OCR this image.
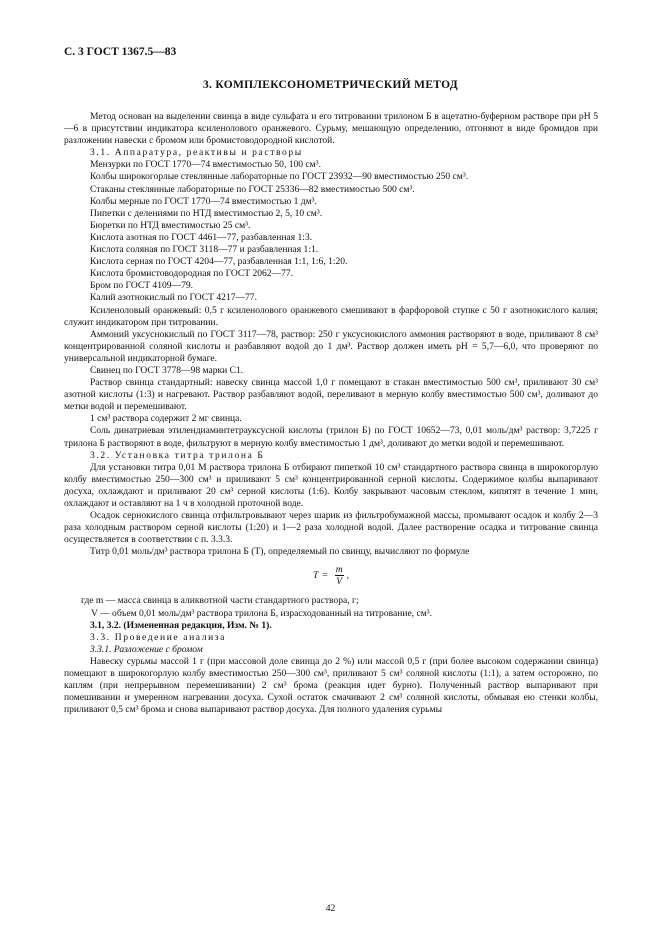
С. 3 ГОСТ 1367.5—83
3. КОМПЛЕКСОНОМЕТРИЧЕСКИЙ МЕТОД

Метод основан на выделении свинца в виде сульфата и его титровании трилоном Б в ацетатно-буферном растворе при pH 5—6 в присутствии индикатора ксиленолового оранжевого. Сурьму, мешающую определению, отгоняют в виде бромидов при разложении навески с бромом или бромистоводородной кислотой.

3.1. Аппаратура, реактивы и растворы

Мензурки по ГОСТ 1770—74 вместимостью 50, 100 см³.

Колбы широкогорлые стеклянные лабораторные по ГОСТ 23932—90 вместимостью 250 см³.

Стаканы стеклянные лабораторные по ГОСТ 25336—82 вместимостью 500 см³.

Колбы мерные по ГОСТ 1770—74 вместимостью 1 дм³.

Пипетки с делениями по НТД вместимостью 2, 5, 10 см³.

Бюретки по НТД вместимостью 25 см³.

Кислота азотная по ГОСТ 4461—77, разбавленная 1:3.

Кислота соляная по ГОСТ 3118—77 и разбавленная 1:1.

Кислота серная по ГОСТ 4204—77, разбавленная 1:1, 1:6, 1:20.

Кислота бромистоводородная по ГОСТ 2062—77.

Бром по ГОСТ 4109—79.

Калий азотнокислый по ГОСТ 4217—77.

Ксиленоловый оранжевый: 0,5 г ксиленолового оранжевого смешивают в фарфоровой ступке с 50 г азотнокислого калия; служит индикатором при титровании.

Аммоний уксуснокислый по ГОСТ 3117—78, раствор: 250 г уксуснокислого аммония растворяют в воде, приливают 8 см³ концентрированной соляной кислоты и разбавляют водой до 1 дм³. Раствор должен иметь pH = 5,7—6,0, что проверяют по универсальной индикаторной бумаге.

Свинец по ГОСТ 3778—98 марки С1.

Раствор свинца стандартный: навеску свинца массой 1,0 г помещают в стакан вместимостью 500 см³, приливают 30 см³ азотной кислоты (1:3) и нагревают. Раствор разбавляют водой, переливают в мерную колбу вместимостью 500 см³, доливают до метки водой и перемешивают.

1 см³ раствора содержит 2 мг свинца.

Соль динатриевая этилендиаминтетрауксусной кислоты (трилон Б) по ГОСТ 10652—73, 0,01 моль/дм³ раствор: 3,7225 г трилона Б растворяют в воде, фильтруют в мерную колбу вместимостью 1 дм³, доливают до метки водой и перемешивают.

3.2. Установка титра трилона Б

Для установки титра 0,01 М раствора трилона Б отбирают пипеткой 10 см³ стандартного раствора свинца в широкогорлую колбу вместимостью 250—300 см³ и приливают 5 см³ концентрированной серной кислоты. Содержимое колбы выпаривают досуха, охлаждают и приливают 20 см³ серной кислоты (1:6). Колбу закрывают часовым стеклом, кипятят в течение 1 мин, охлаждают и оставляют на 1 ч в холодной проточной воде.

Осадок сернокислого свинца отфильтровывают через шарик из фильтробумажной массы, промывают осадок и колбу 2—3 раза холодным раствором серной кислоты (1:20) и 1—2 раза холодной водой. Далее растворение осадка и титрование свинца осуществляется в соответствии с п. 3.3.3.

Титр 0,01 моль/дм³ раствора трилона Б (T), определяемый по свинцу, вычисляют по формуле

$T = \frac{m}{V}$ ,

где m — масса свинца в аликвотной части стандартного раствора, г;

V — объем 0,01 моль/дм³ раствора трилона Б, израсходованный на титрование, см³.

3.1, 3.2. (Измененная редакция, Изм. № 1).

3.3. Проведение анализа

3.3.1. Разложение с бромом

Навеску сурьмы массой 1 г (при массовой доле свинца до 2 %) или массой 0,5 г (при более высоком содержании свинца) помещают в широкогорлую колбу вместимостью 250—300 см³, приливают 5 см³ соляной кислоты (1:1), а затем осторожно, по каплям (при непрерывном перемешивании) 2 см³ брома (реакция идет бурно). Полученный раствор выпаривают при помешивании и умеренном нагревании досуха. Сухой остаток смачивают 2 см³ соляной кислоты, обмывая ею стенки колбы, приливают 0,5 см³ брома и снова выпаривают раствор досуха. Для полного удаления сурьмы

42
